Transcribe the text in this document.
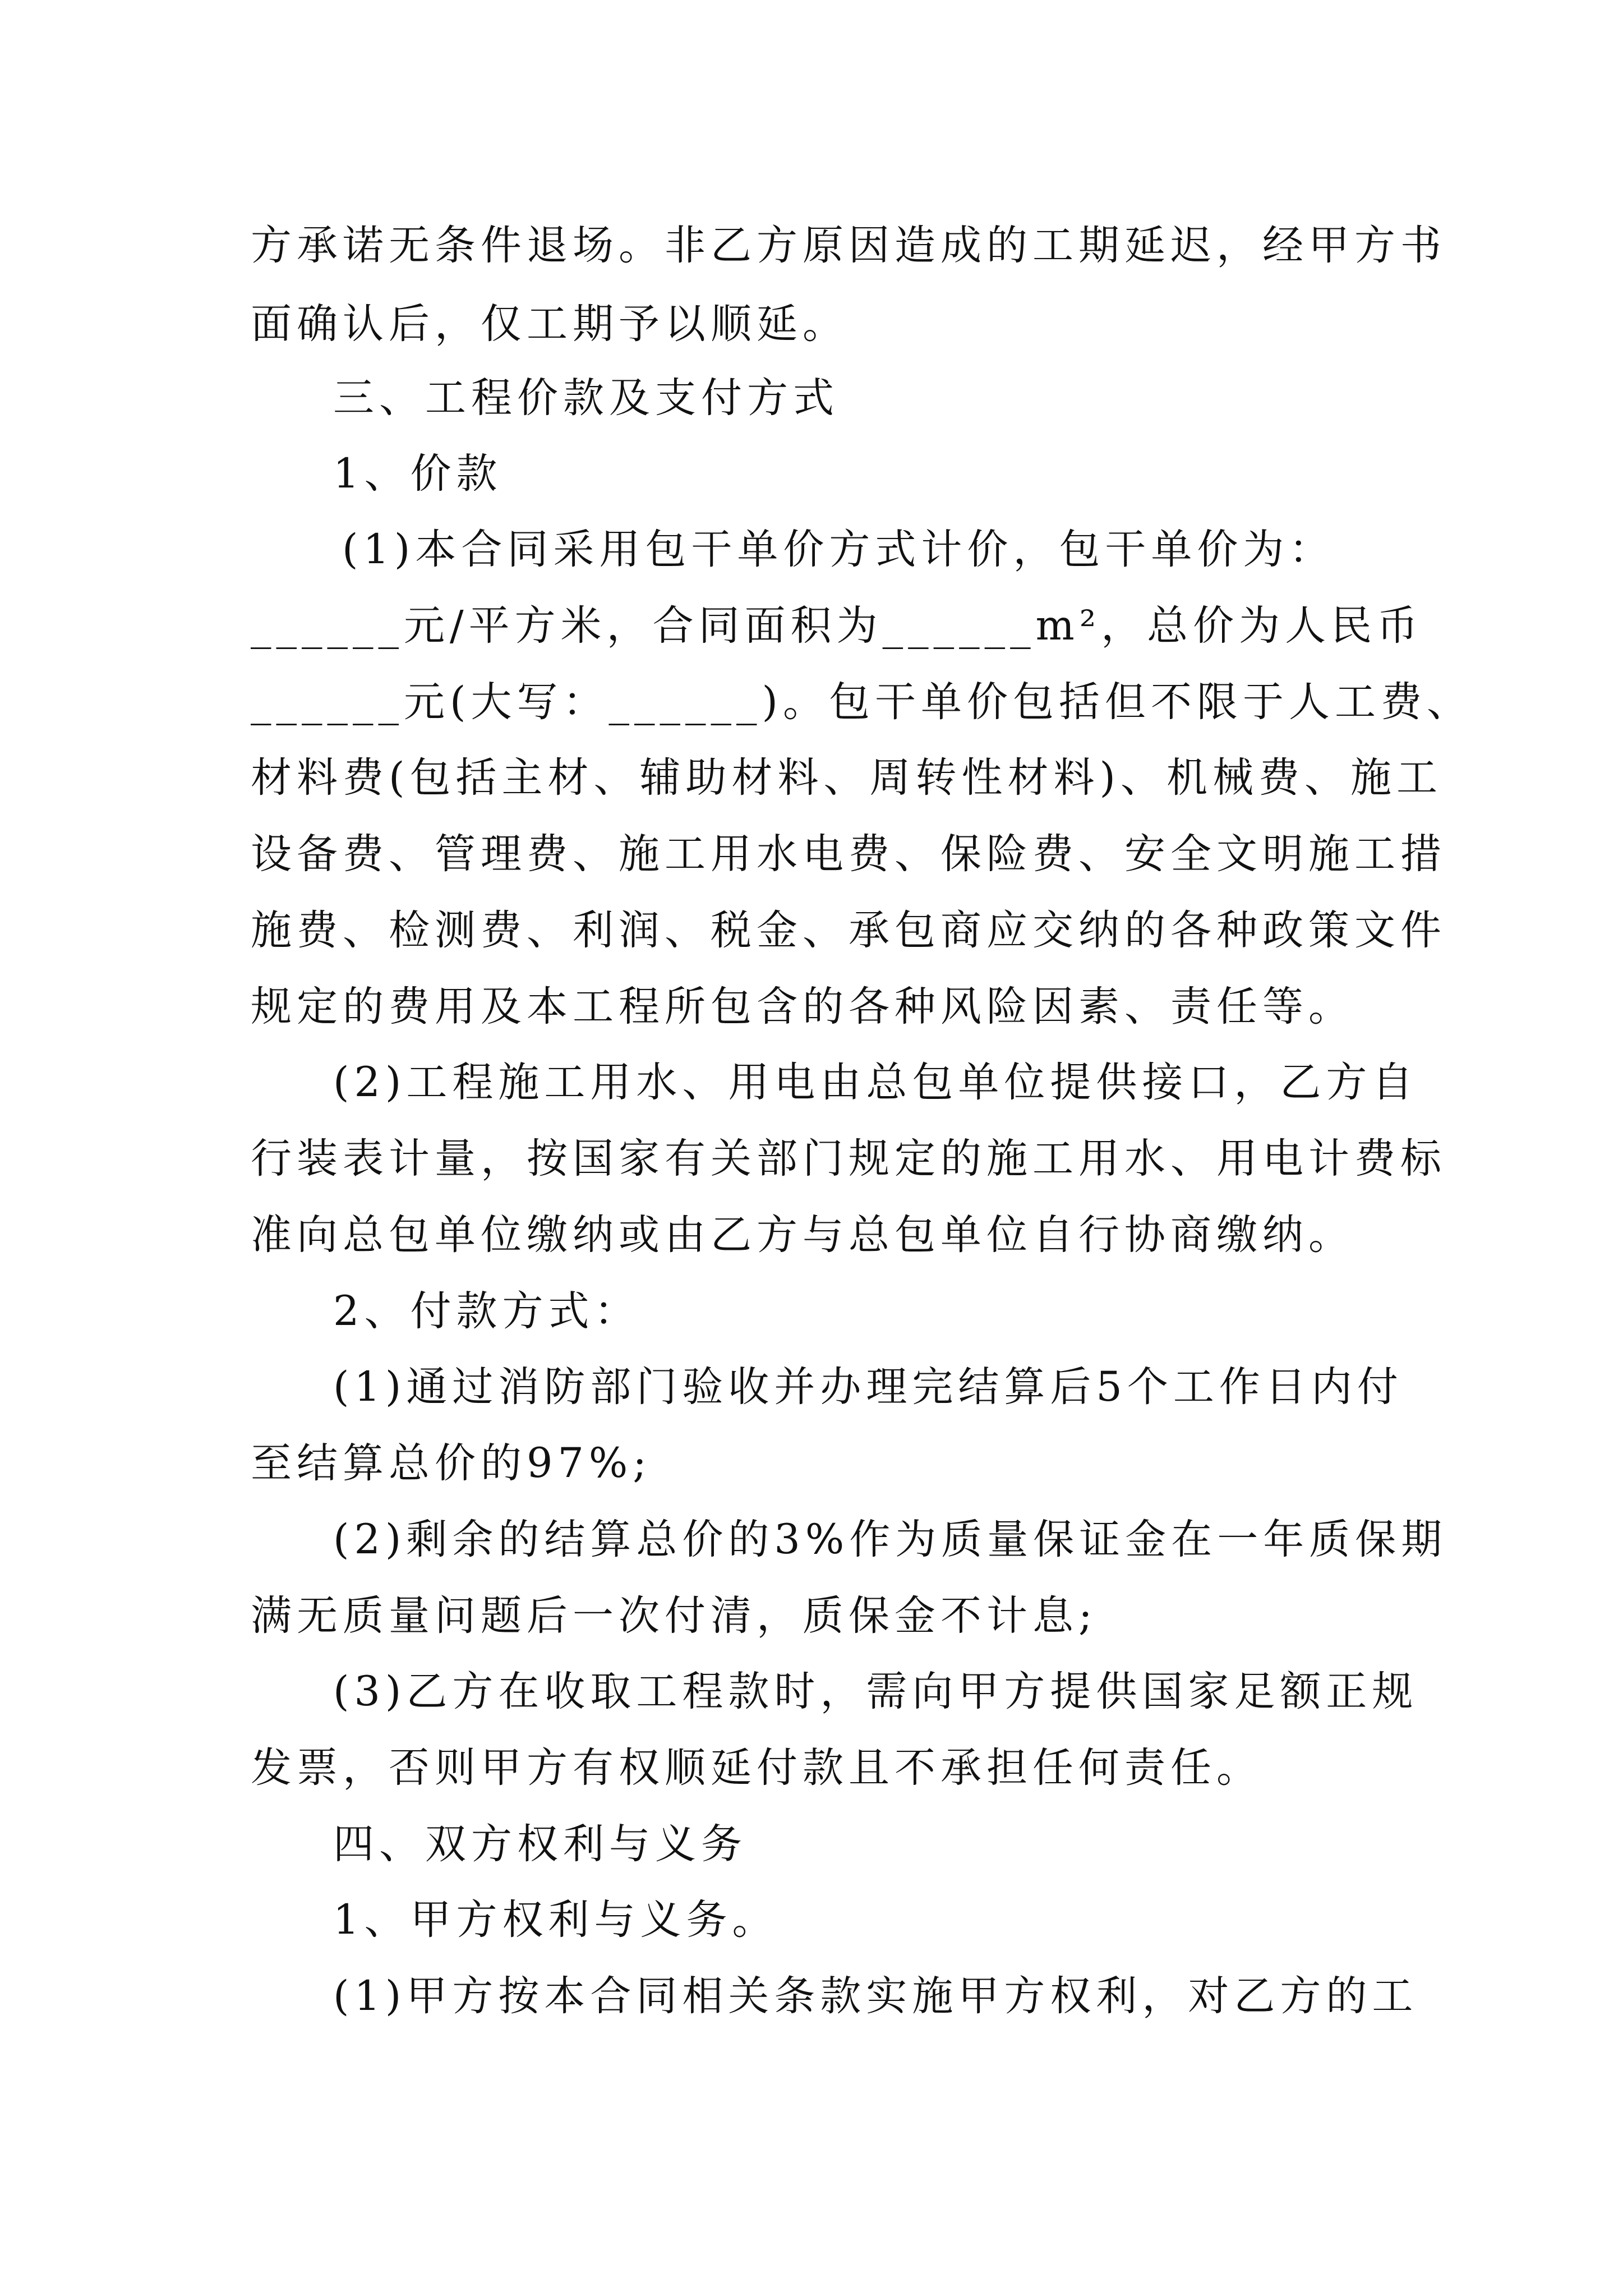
方承诺无条件退场。非乙方原因造成的工期延迟，经甲方书
面确认后，仅工期予以顺延。
三、工程价款及支付方式
1、价款
(1)本合同采用包干单价方式计价，包干单价为：
______元/平方米，合同面积为______m²，总价为人民币
______元(大写：______)。包干单价包括但不限于人工费、
材料费(包括主材、辅助材料、周转性材料)、机械费、施工
设备费、管理费、施工用水电费、保险费、安全文明施工措
施费、检测费、利润、税金、承包商应交纳的各种政策文件
规定的费用及本工程所包含的各种风险因素、责任等。
(2)工程施工用水、用电由总包单位提供接口，乙方自
行装表计量，按国家有关部门规定的施工用水、用电计费标
准向总包单位缴纳或由乙方与总包单位自行协商缴纳。
2、付款方式：
(1)通过消防部门验收并办理完结算后5个工作日内付
至结算总价的97%;
(2)剩余的结算总价的3%作为质量保证金在一年质保期
满无质量问题后一次付清，质保金不计息;
(3)乙方在收取工程款时，需向甲方提供国家足额正规
发票，否则甲方有权顺延付款且不承担任何责任。
四、双方权利与义务
1、甲方权利与义务。
(1)甲方按本合同相关条款实施甲方权利，对乙方的工
